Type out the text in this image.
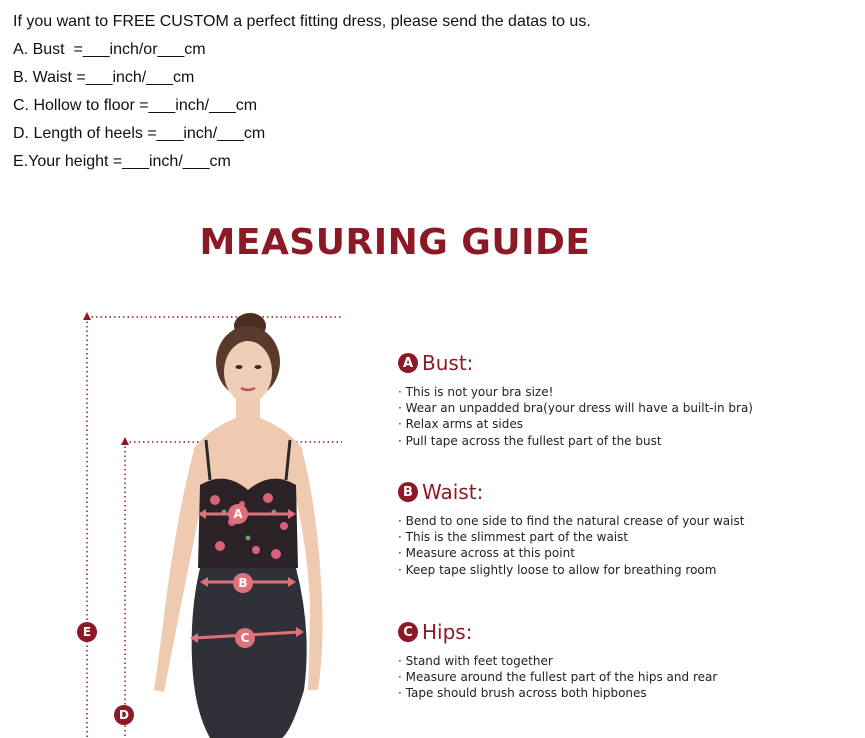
If you want to FREE CUSTOM a perfect fitting dress, please send the datas to us.
A. Bust  =___inch/or___cm
B. Waist =___inch/___cm
C. Hollow to floor =___inch/___cm
D. Length of heels =___inch/___cm
E.Your height =___inch/___cm
MEASURING GUIDE
A
B
C
D
E
A Bust:
· This is not your bra size!
· Wear an unpadded bra(your dress will have a built-in bra)
· Relax arms at sides
· Pull tape across the fullest part of the bust
B Waist:
· Bend to one side to find the natural crease of your waist
· This is the slimmest part of the waist
· Measure across at this point
· Keep tape slightly loose to allow for breathing room
C Hips:
· Stand with feet together
· Measure around the fullest part of the hips and rear
· Tape should brush across both hipbones
